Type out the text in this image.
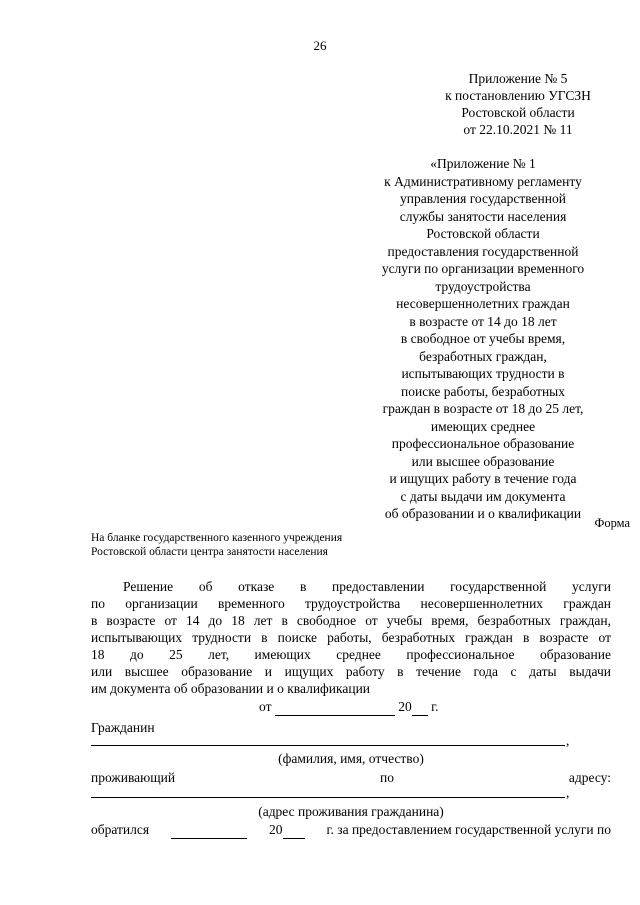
26
Приложение № 5
к постановлению УГСЗН
Ростовской области
от 22.10.2021 № 11
«Приложение № 1
к Административному регламенту
управления государственной
службы занятости населения
Ростовской области
предоставления государственной
услуги по организации временного
трудоустройства
несовершеннолетних граждан
в возрасте от 14 до 18 лет
в свободное от учебы время,
безработных граждан,
испытывающих трудности в
поиске работы, безработных
граждан в возрасте от 18 до 25 лет,
имеющих среднее
профессиональное образование
или высшее образование
и ищущих работу в течение года
с даты выдачи им документа
об образовании и о квалификации
Форма
На бланке государственного казенного учреждения
Ростовской области центра занятости населения
Решение об отказе в предоставлении государственной услуги
по организации временного трудоустройства несовершеннолетних граждан
в возрасте от 14 до 18 лет в свободное от учебы время, безработных граждан,
испытывающих трудности в поиске работы, безработных граждан в возрасте от
18 до 25 лет, имеющих среднее профессиональное образование
или высшее образование и ищущих работу в течение года с даты выдачи
им документа об образовании и о квалификации
от	20 г.
Гражданин
,
(фамилия, имя, отчество)
проживающий	по	адресу:
,
(адрес проживания гражданина)
обратился
	20	г. за предоставлением государственной услуги по
